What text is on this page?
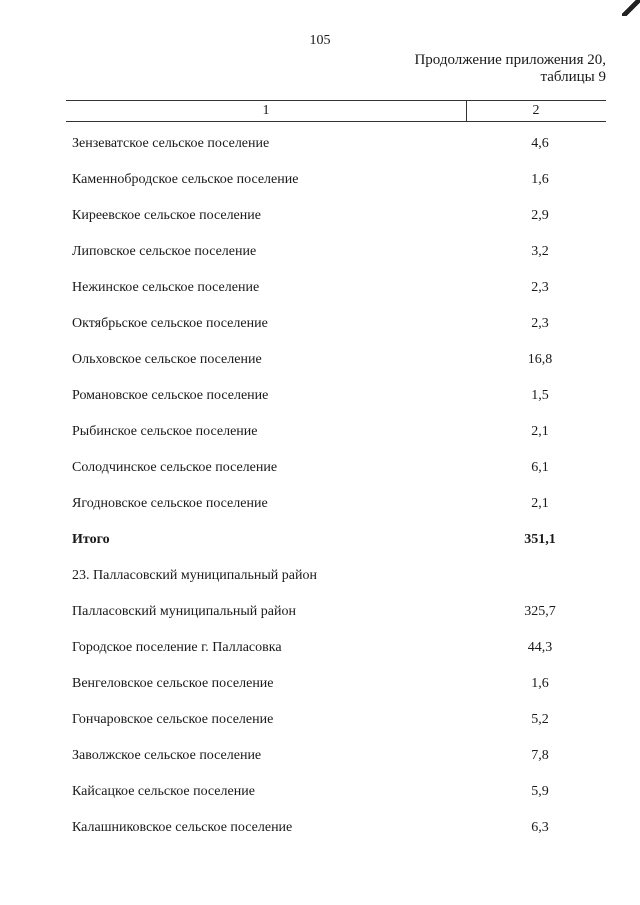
105
Продолжение приложения 20,
таблицы 9
1	2
Зензеватское сельское поселение	4,6
Каменнобродское сельское поселение	1,6
Киреевское сельское поселение	2,9
Липовское сельское поселение	3,2
Нежинское сельское поселение	2,3
Октябрьское сельское поселение	2,3
Ольховское сельское поселение	16,8
Романовское сельское поселение	1,5
Рыбинское сельское поселение	2,1
Солодчинское сельское поселение	6,1
Ягодновское сельское поселение	2,1
Итого	351,1
23. Палласовский муниципальный район
Палласовский муниципальный район	325,7
Городское поселение г. Палласовка	44,3
Венгеловское сельское поселение	1,6
Гончаровское сельское поселение	5,2
Заволжское сельское поселение	7,8
Кайсацкое сельское поселение	5,9
Калашниковское сельское поселение	6,3
